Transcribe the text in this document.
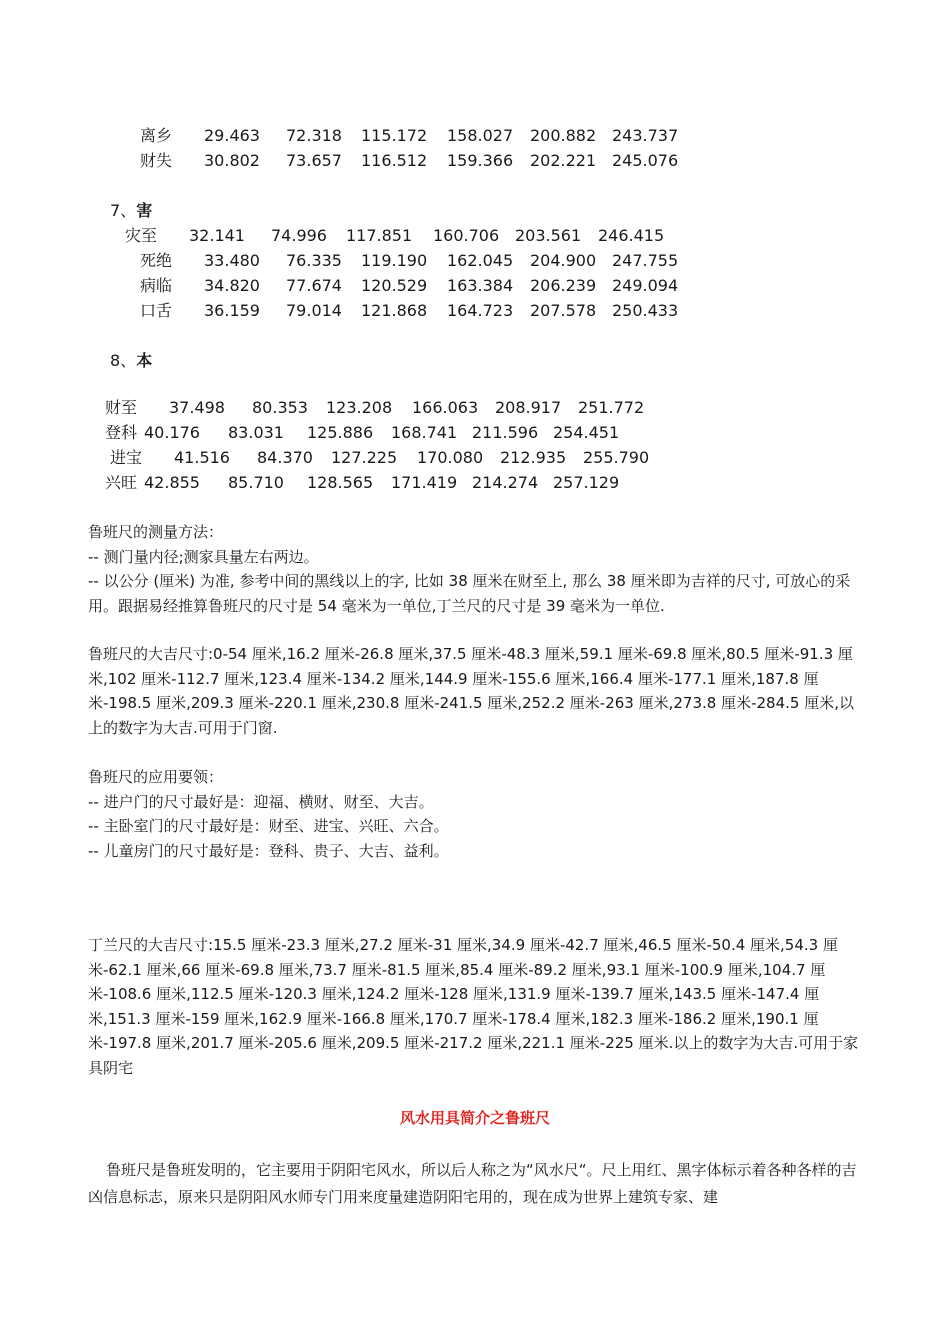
离乡 29.463 72.318 115.172 158.027 200.882 243.737
财失 30.802 73.657 116.512 159.366 202.221 245.076
7、害
灾至 32.141 74.996 117.851 160.706 203.561 246.415
死绝 33.480 76.335 119.190 162.045 204.900 247.755
病临 34.820 77.674 120.529 163.384 206.239 249.094
口舌 36.159 79.014 121.868 164.723 207.578 250.433
8、本
财至 37.498 80.353 123.208 166.063 208.917 251.772
登科 40.176 83.031 125.886 168.741 211.596 254.451
进宝 41.516 84.370 127.225 170.080 212.935 255.790
兴旺 42.855 85.710 128.565 171.419 214.274 257.129

鲁班尺的测量方法：

-- 测门量内径;测家具量左右两边。

-- 以公分 (厘米) 为准, 参考中间的黑线以上的字, 比如 38 厘米在财至上, 那么 38 厘米即为吉祥的尺寸, 可放心的采用。跟据易经推算鲁班尺的尺寸是 54 毫米为一单位,丁兰尺的尺寸是 39 毫米为一单位.

鲁班尺的大吉尺寸:0-54 厘米,16.2 厘米-26.8 厘米,37.5 厘米-48.3 厘米,59.1 厘米-69.8 厘米,80.5 厘米-91.3 厘米,102 厘米-112.7 厘米,123.4 厘米-134.2 厘米,144.9 厘米-155.6 厘米,166.4 厘米-177.1 厘米,187.8 厘米-198.5 厘米,209.3 厘米-220.1 厘米,230.8 厘米-241.5 厘米,252.2 厘米-263 厘米,273.8 厘米-284.5 厘米,以上的数字为大吉.可用于门窗.

鲁班尺的应用要领：

-- 进户门的尺寸最好是：迎福、横财、财至、大吉。

-- 主卧室门的尺寸最好是：财至、进宝、兴旺、六合。

-- 儿童房门的尺寸最好是：登科、贵子、大吉、益利。

丁兰尺的大吉尺寸:15.5 厘米-23.3 厘米,27.2 厘米-31 厘米,34.9 厘米-42.7 厘米,46.5 厘米-50.4 厘米,54.3 厘米-62.1 厘米,66 厘米-69.8 厘米,73.7 厘米-81.5 厘米,85.4 厘米-89.2 厘米,93.1 厘米-100.9 厘米,104.7 厘米-108.6 厘米,112.5 厘米-120.3 厘米,124.2 厘米-128 厘米,131.9 厘米-139.7 厘米,143.5 厘米-147.4 厘米,151.3 厘米-159 厘米,162.9 厘米-166.8 厘米,170.7 厘米-178.4 厘米,182.3 厘米-186.2 厘米,190.1 厘米-197.8 厘米,201.7 厘米-205.6 厘米,209.5 厘米-217.2 厘米,221.1 厘米-225 厘米.以上的数字为大吉.可用于家具阴宅

风水用具简介之鲁班尺
鲁班尺是鲁班发明的，它主要用于阴阳宅风水，所以后人称之为“风水尺“。尺上用红、黑字体标示着各种各样的吉凶信息标志，原来只是阴阳风水师专门用来度量建造阴阳宅用的，现在成为世界上建筑专家、建
